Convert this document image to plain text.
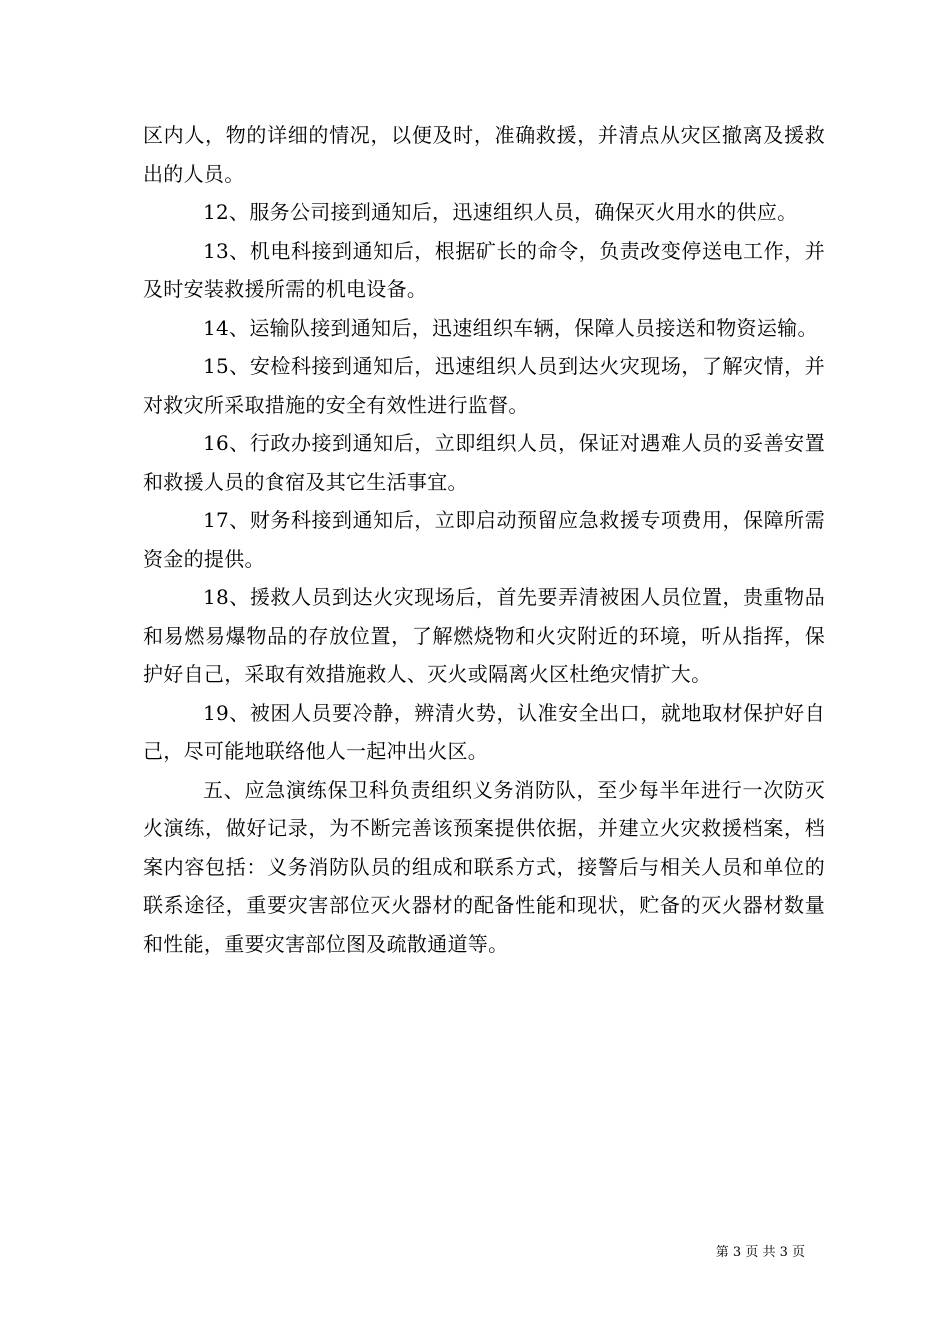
区内人，物的详细的情况，以便及时，准确救援，并清点从灾区撤离及援救出的人员。

12、服务公司接到通知后，迅速组织人员，确保灭火用水的供应。

13、机电科接到通知后，根据矿长的命令，负责改变停送电工作，并及时安装救援所需的机电设备。

14、运输队接到通知后，迅速组织车辆，保障人员接送和物资运输。

15、安检科接到通知后，迅速组织人员到达火灾现场，了解灾情，并对救灾所采取措施的安全有效性进行监督。

16、行政办接到通知后，立即组织人员，保证对遇难人员的妥善安置和救援人员的食宿及其它生活事宜。

17、财务科接到通知后，立即启动预留应急救援专项费用，保障所需资金的提供。

18、援救人员到达火灾现场后，首先要弄清被困人员位置，贵重物品和易燃易爆物品的存放位置，了解燃烧物和火灾附近的环境，听从指挥，保护好自己，采取有效措施救人、灭火或隔离火区杜绝灾情扩大。

19、被困人员要冷静，辨清火势，认准安全出口，就地取材保护好自己，尽可能地联络他人一起冲出火区。

五、应急演练保卫科负责组织义务消防队，至少每半年进行一次防灭火演练，做好记录，为不断完善该预案提供依据，并建立火灾救援档案，档案内容包括：义务消防队员的组成和联系方式，接警后与相关人员和单位的联系途径，重要灾害部位灭火器材的配备性能和现状，贮备的灭火器材数量和性能，重要灾害部位图及疏散通道等。

第 3 页 共 3 页
